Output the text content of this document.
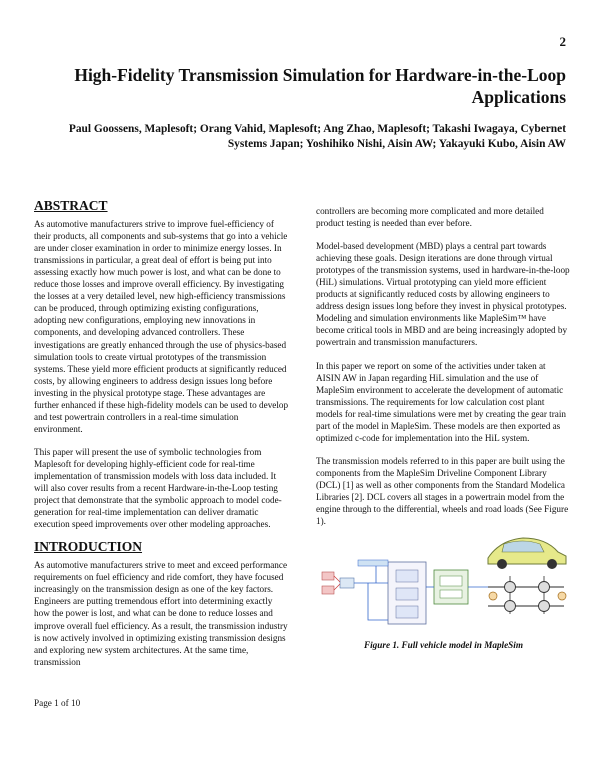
2
High-Fidelity Transmission Simulation for Hardware-in-the-Loop Applications
Paul Goossens, Maplesoft; Orang Vahid, Maplesoft; Ang Zhao, Maplesoft; Takashi Iwagaya, Cybernet Systems Japan; Yoshihiko Nishi, Aisin AW; Yakayuki Kubo, Aisin AW
ABSTRACT

As automotive manufacturers strive to improve fuel-efficiency of their products, all components and sub-systems that go into a vehicle are under closer examination in order to minimize energy losses. In transmissions in particular, a great deal of effort is being put into assessing exactly how much power is lost, and what can be done to reduce those losses and improve overall efficiency. By investigating the losses at a very detailed level, new high-efficiency transmissions can be produced, through optimizing existing configurations, adopting new configurations, employing new innovations in components, and developing advanced controllers. These investigations are greatly enhanced through the use of physics-based simulation tools to create virtual prototypes of the transmission systems. These yield more efficient products at significantly reduced costs, by allowing engineers to address design issues long before investing in the physical prototype stage. These advantages are further enhanced if these high-fidelity models can be used to develop and test powertrain controllers in a real-time simulation environment.

This paper will present the use of symbolic technologies from Maplesoft for developing highly-efficient code for real-time implementation of transmission models with loss data included. It will also cover results from a recent Hardware-in-the-Loop testing project that demonstrate that the symbolic approach to model code-generation for real-time implementation can deliver dramatic execution speed improvements over other modeling approaches.

INTRODUCTION

As automotive manufacturers strive to meet and exceed performance requirements on fuel efficiency and ride comfort, they have focused increasingly on the transmission design as one of the key factors. Engineers are putting tremendous effort into determining exactly how the power is lost, and what can be done to reduce losses and improve overall fuel efficiency. As a result, the transmission industry is now actively involved in optimizing existing transmission designs and exploring new system architectures. At the same time, transmission

controllers are becoming more complicated and more detailed product testing is needed than ever before.

Model-based development (MBD) plays a central part towards achieving these goals. Design iterations are done through virtual prototypes of the transmission systems, used in hardware-in-the-loop (HiL) simulations. Virtual prototyping can yield more efficient products at significantly reduced costs by allowing engineers to address design issues long before they invest in physical prototypes. Modeling and simulation environments like MapleSim™ have become critical tools in MBD and are being increasingly adopted by powertrain and transmission manufacturers.

In this paper we report on some of the activities under taken at AISIN AW in Japan regarding HiL simulation and the use of MapleSim environment to accelerate the development of automatic transmissions. The requirements for low calculation cost plant models for real-time simulations were met by creating the gear train part of the model in MapleSim. These models are then exported as optimized c-code for implementation into the HiL system.

The transmission models referred to in this paper are built using the components from the MapleSim Driveline Component Library (DCL) [1] as well as other components from the Standard Modelica Libraries [2]. DCL covers all stages in a powertrain model from the engine through to the differential, wheels and road loads (See Figure 1).

Figure 1. Full vehicle model in MapleSim
Page 1 of 10
